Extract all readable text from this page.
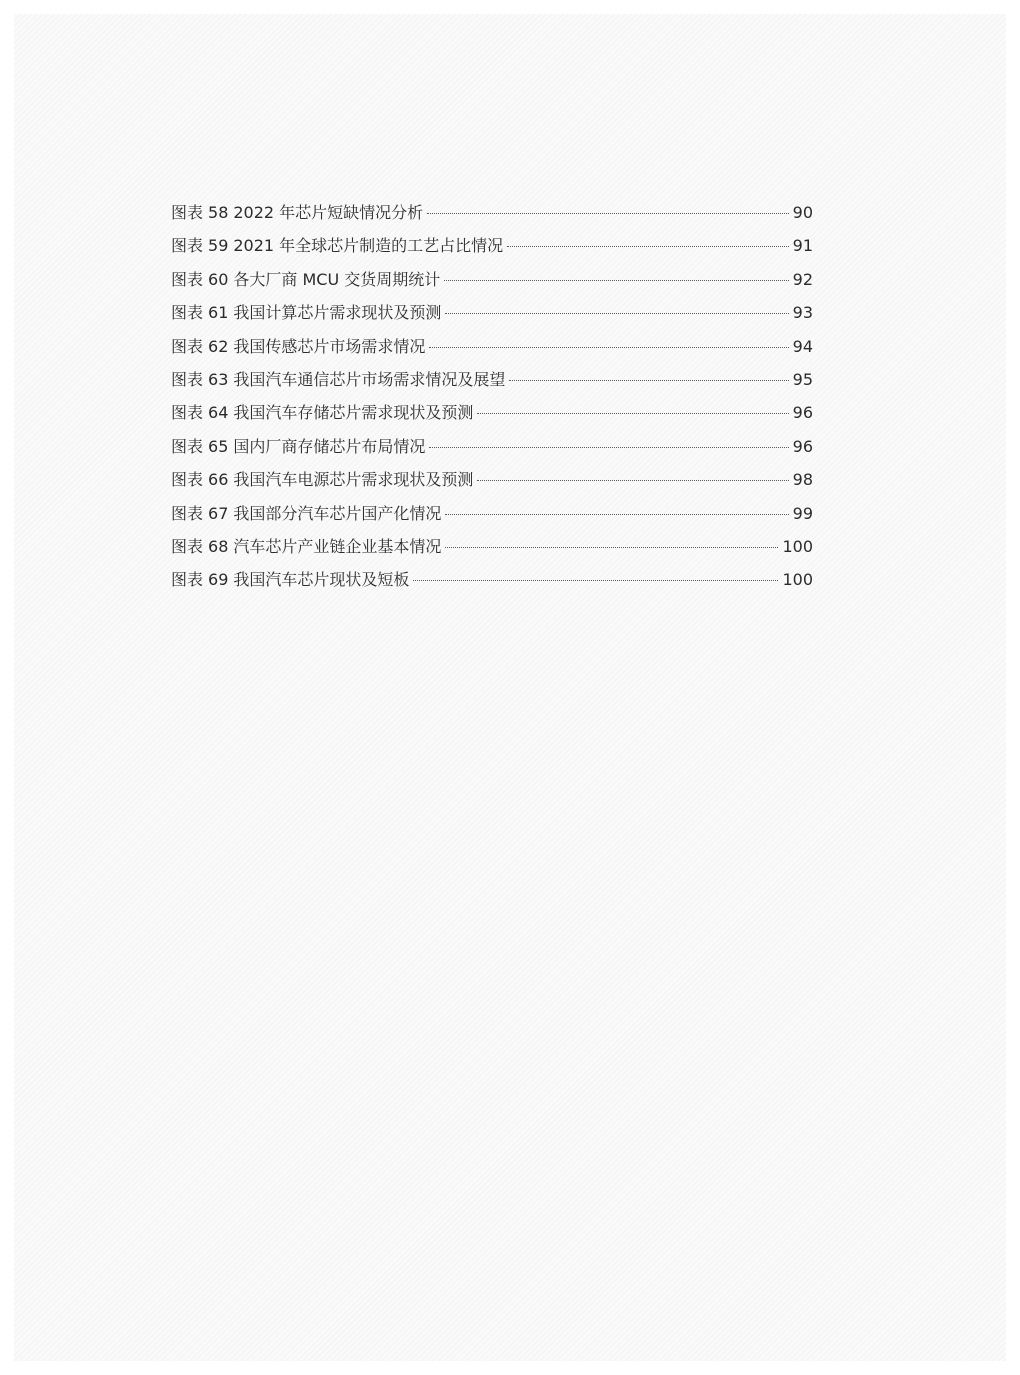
图表 58 2022 年芯片短缺情况分析	90
图表 59 2021 年全球芯片制造的工艺占比情况	91
图表 60 各大厂商 MCU 交货周期统计	92
图表 61 我国计算芯片需求现状及预测	93
图表 62 我国传感芯片市场需求情况	94
图表 63 我国汽车通信芯片市场需求情况及展望	95
图表 64 我国汽车存储芯片需求现状及预测	96
图表 65 国内厂商存储芯片布局情况	96
图表 66 我国汽车电源芯片需求现状及预测	98
图表 67 我国部分汽车芯片国产化情况	99
图表 68 汽车芯片产业链企业基本情况	100
图表 69 我国汽车芯片现状及短板	100
